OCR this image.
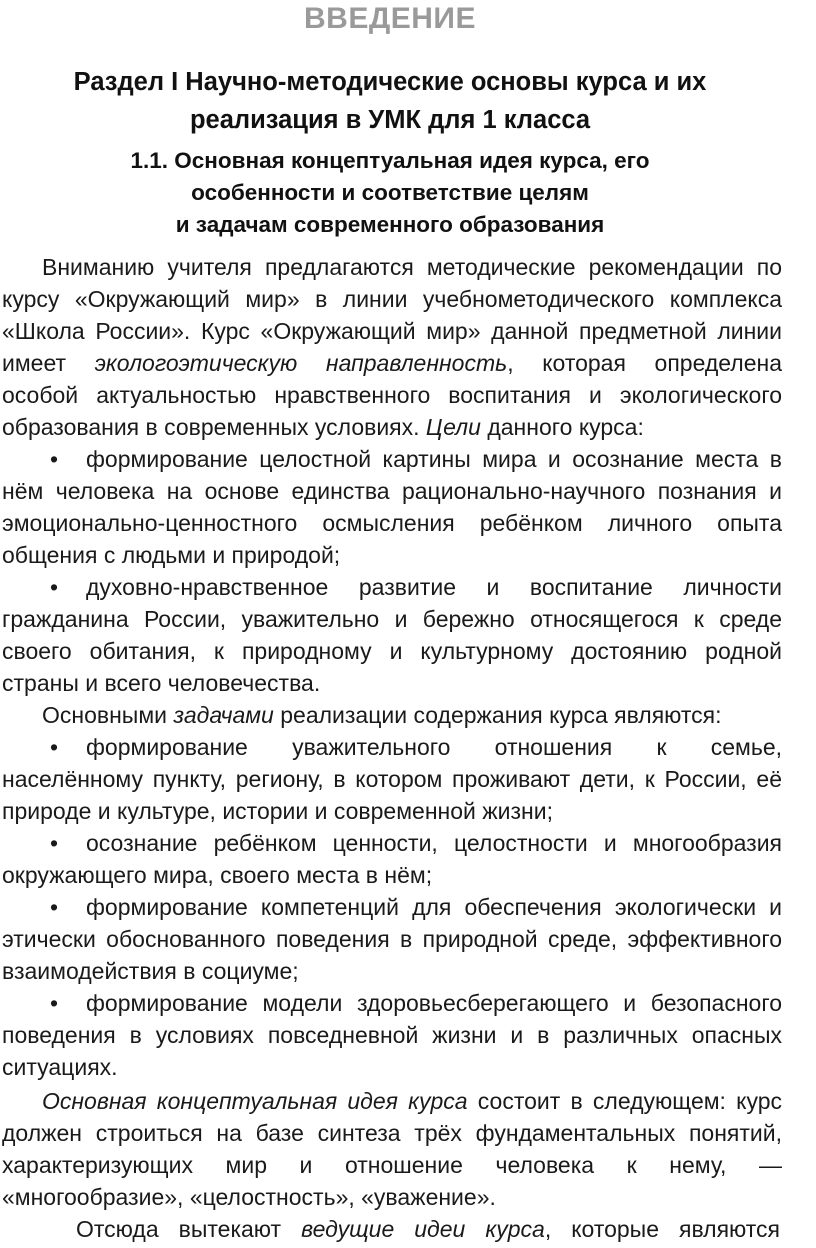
ВВЕДЕНИЕ
Раздел I Научно-методические основы курса и их
реализация в УМК для 1 класса
1.1. Основная концептуальная идея курса, его
особенности и соответствие целям
и задачам современного образования
Вниманию учителя предлагаются методические рекомендации по
курсу «Окружающий мир» в линии учебнометодического комплекса
«Школа России». Курс «Окружающий мир» данной предметной линии
имеет экологоэтическую направленность, которая определена
особой актуальностью нравственного воспитания и экологического
образования в современных условиях. Цели данного курса:
• формирование целостной картины мира и осознание места в
нём человека на основе единства рационально-научного познания и
эмоционально-ценностного осмысления ребёнком личного опыта
общения с людьми и природой;
• духовно-нравственное развитие и воспитание личности
гражданина России, уважительно и бережно относящегося к среде
своего обитания, к природному и культурному достоянию родной
страны и всего человечества.
Основными задачами реализации содержания курса являются:
• формирование уважительного отношения к семье,
населённому пункту, региону, в котором проживают дети, к России, её
природе и культуре, истории и современной жизни;
• осознание ребёнком ценности, целостности и многообразия
окружающего мира, своего места в нём;
• формирование компетенций для обеспечения экологически и
этически обоснованного поведения в природной среде, эффективного
взаимодействия в социуме;
• формирование модели здоровьесберегающего и безопасного
поведения в условиях повседневной жизни и в различных опасных
ситуациях.
Основная концептуальная идея курса состоит в следующем: курс
должен строиться на базе синтеза трёх фундаментальных понятий,
характеризующих мир и отношение человека к нему, —
«многообразие», «целостность», «уважение».
Отсюда вытекают ведущие идеи курса, которые являются
